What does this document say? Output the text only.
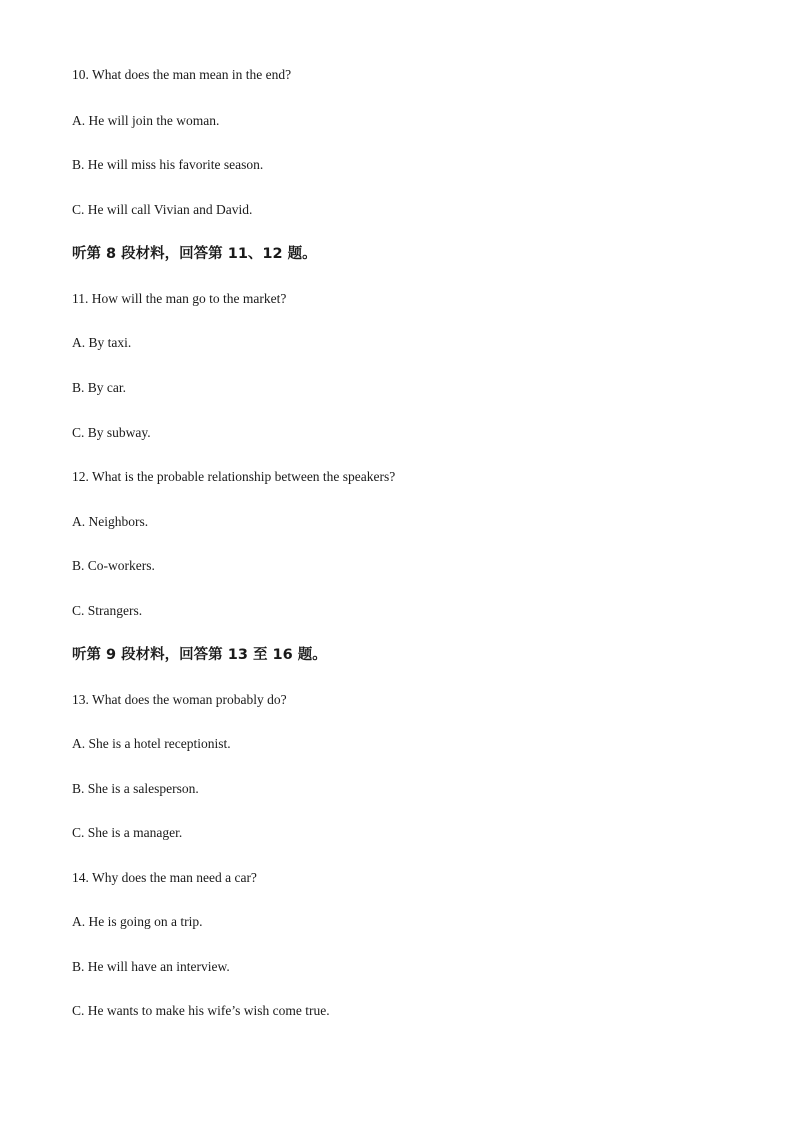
10. What does the man mean in the end?
A. He will join the woman.
B. He will miss his favorite season.
C. He will call Vivian and David.
听第 8 段材料，回答第 11、12 题。
11. How will the man go to the market?
A. By taxi.
B. By car.
C. By subway.
12. What is the probable relationship between the speakers?
A. Neighbors.
B. Co-workers.
C. Strangers.
听第 9 段材料，回答第 13 至 16 题。
13. What does the woman probably do?
A. She is a hotel receptionist.
B. She is a salesperson.
C. She is a manager.
14. Why does the man need a car?
A. He is going on a trip.
B. He will have an interview.
C. He wants to make his wife’s wish come true.
